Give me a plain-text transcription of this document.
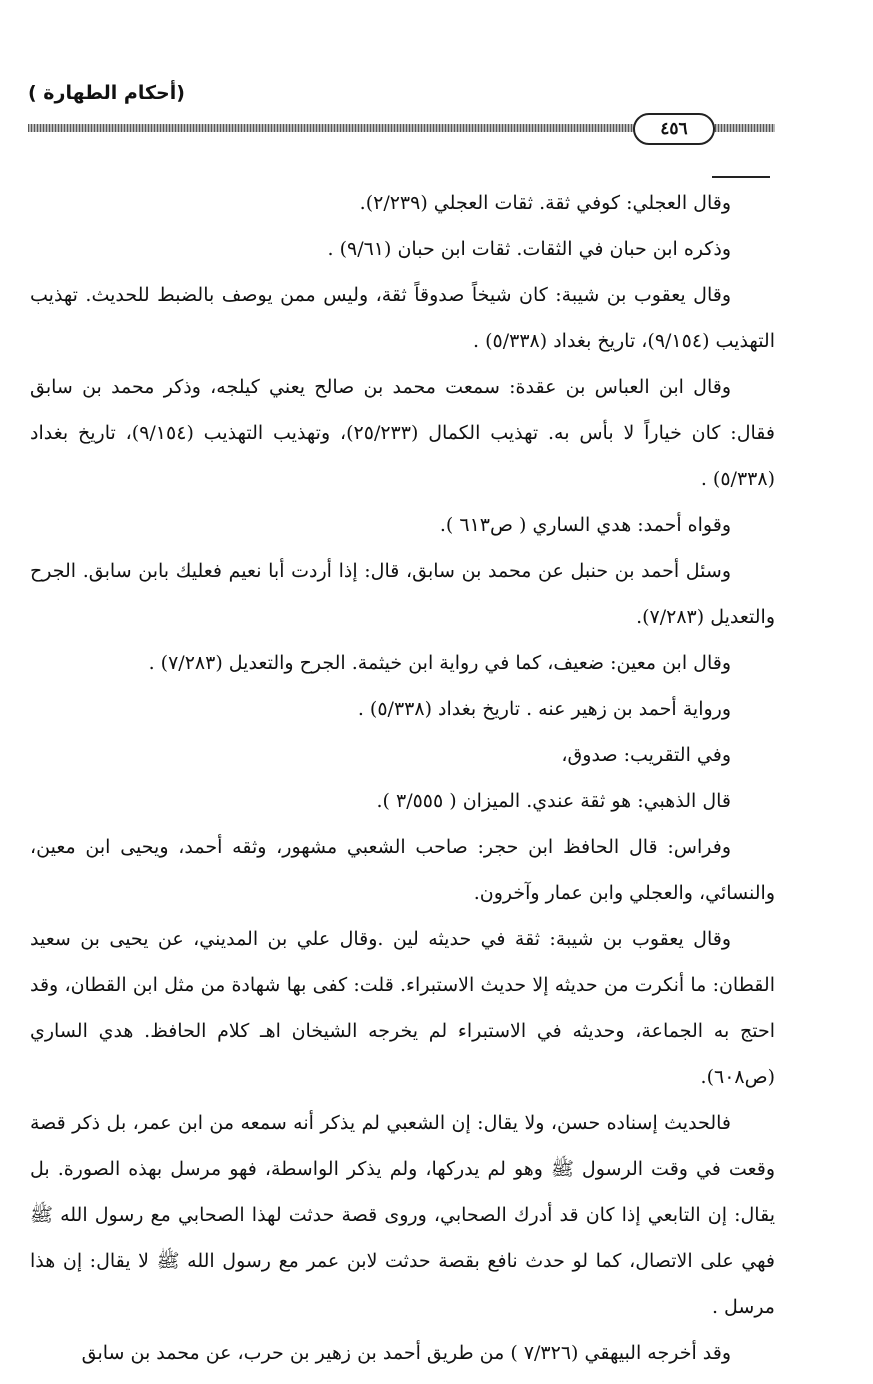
(أحكام الطهارة )
٤٥٦

وقال العجلي: كوفي ثقة. ثقات العجلي (٢/٢٣٩).

وذكره ابن حبان في الثقات. ثقات ابن حبان (٩/٦١) .

وقال يعقوب بن شيبة: كان شيخاً صدوقاً ثقة، وليس ممن يوصف بالضبط للحديث. تهذيب التهذيب (٩/١٥٤)، تاريخ بغداد (٥/٣٣٨) .

وقال ابن العباس بن عقدة: سمعت محمد بن صالح يعني كيلجه، وذكر محمد بن سابق فقال: كان خياراً لا بأس به. تهذيب الكمال (٢٥/٢٣٣)، وتهذيب التهذيب (٩/١٥٤)، تاريخ بغداد (٥/٣٣٨) .

وقواه أحمد: هدي الساري ( ص٦١٣ ).

وسئل أحمد بن حنبل عن محمد بن سابق، قال: إذا أردت أبا نعيم فعليك بابن سابق. الجرح والتعديل (٧/٢٨٣).

وقال ابن معين: ضعيف، كما في رواية ابن خيثمة. الجرح والتعديل (٧/٢٨٣) .

ورواية أحمد بن زهير عنه . تاريخ بغداد (٥/٣٣٨) .

وفي التقريب: صدوق،

قال الذهبي: هو ثقة عندي. الميزان ( ٣/٥٥٥ ).

وفراس: قال الحافظ ابن حجر: صاحب الشعبي مشهور، وثقه أحمد، ويحيى ابن معين، والنسائي، والعجلي وابن عمار وآخرون.

وقال يعقوب بن شيبة: ثقة في حديثه لين .وقال علي بن المديني، عن يحيى بن سعيد القطان: ما أنكرت من حديثه إلا حديث الاستبراء. قلت: كفى بها شهادة من مثل ابن القطان، وقد احتج به الجماعة، وحديثه في الاستبراء لم يخرجه الشيخان اهـ كلام الحافظ. هدي الساري (ص٦٠٨).

فالحديث إسناده حسن، ولا يقال: إن الشعبي لم يذكر أنه سمعه من ابن عمر، بل ذكر قصة وقعت في وقت الرسول ﷺ وهو لم يدركها، ولم يذكر الواسطة، فهو مرسل بهذه الصورة. بل يقال: إن التابعي إذا كان قد أدرك الصحابي، وروى قصة حدثت لهذا الصحابي مع رسول الله ﷺ فهي على الاتصال، كما لو حدث نافع بقصة حدثت لابن عمر مع رسول الله ﷺ لا يقال: إن هذا مرسل .

وقد أخرجه البيهقي (٧/٣٢٦ ) من طريق أحمد بن زهير بن حرب، عن محمد بن سابق
